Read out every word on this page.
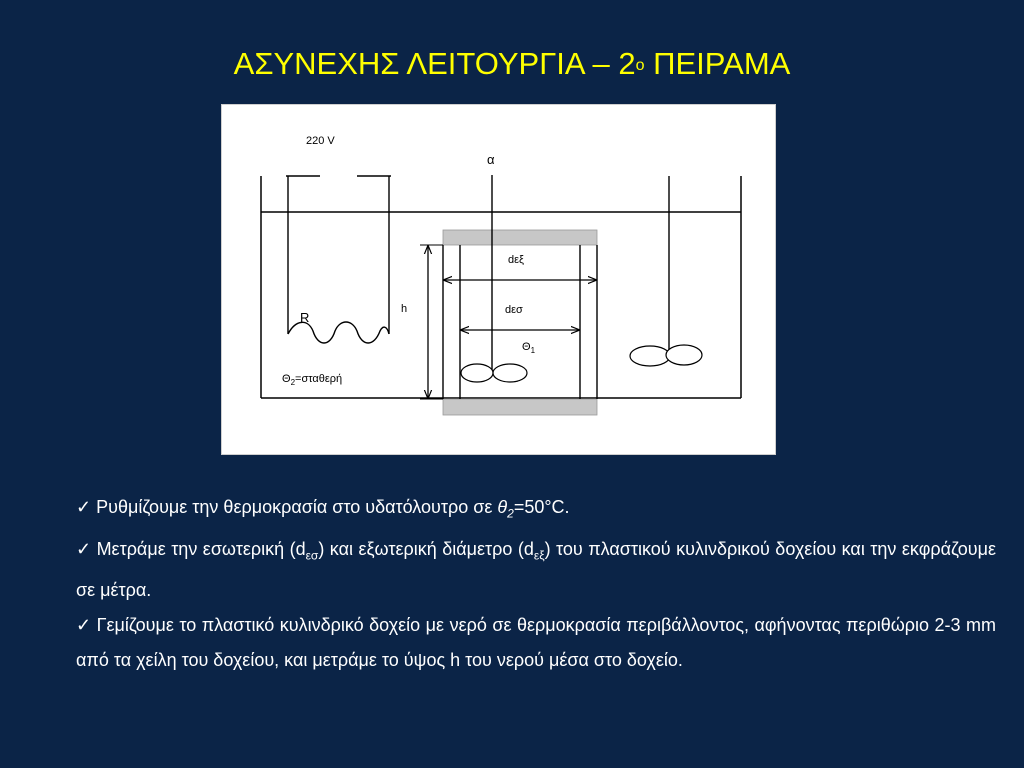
ΑΣΥΝΕΧΗΣ ΛΕΙΤΟΥΡΓΙΑ – $2^o$ ΠΕΙΡΑΜΑ
220 V
α
R
h
dεξ
dεσ
$\Theta_1$
$\Theta_2=\sigma\tau\alpha\theta\varepsilon\rho ή$

✓ Ρυθμίζουμε την θερμοκρασία στο υδατόλουτρο σε $\theta_2=50^\circ C$.

✓ Μετράμε την εσωτερική $(d_{\varepsilon\sigma})$ και εξωτερική διάμετρο $(d_{\varepsilon\xi})$ του πλαστικού κυλινδρικού δοχείου και την εκφράζουμε σε μέτρα.

✓ Γεμίζουμε το πλαστικό κυλινδρικό δοχείο με νερό σε θερμοκρασία περιβάλλοντος, αφήνοντας περιθώριο 2-3 mm από τα χείλη του δοχείου, και μετράμε το ύψος h του νερού μέσα στο δοχείο.
